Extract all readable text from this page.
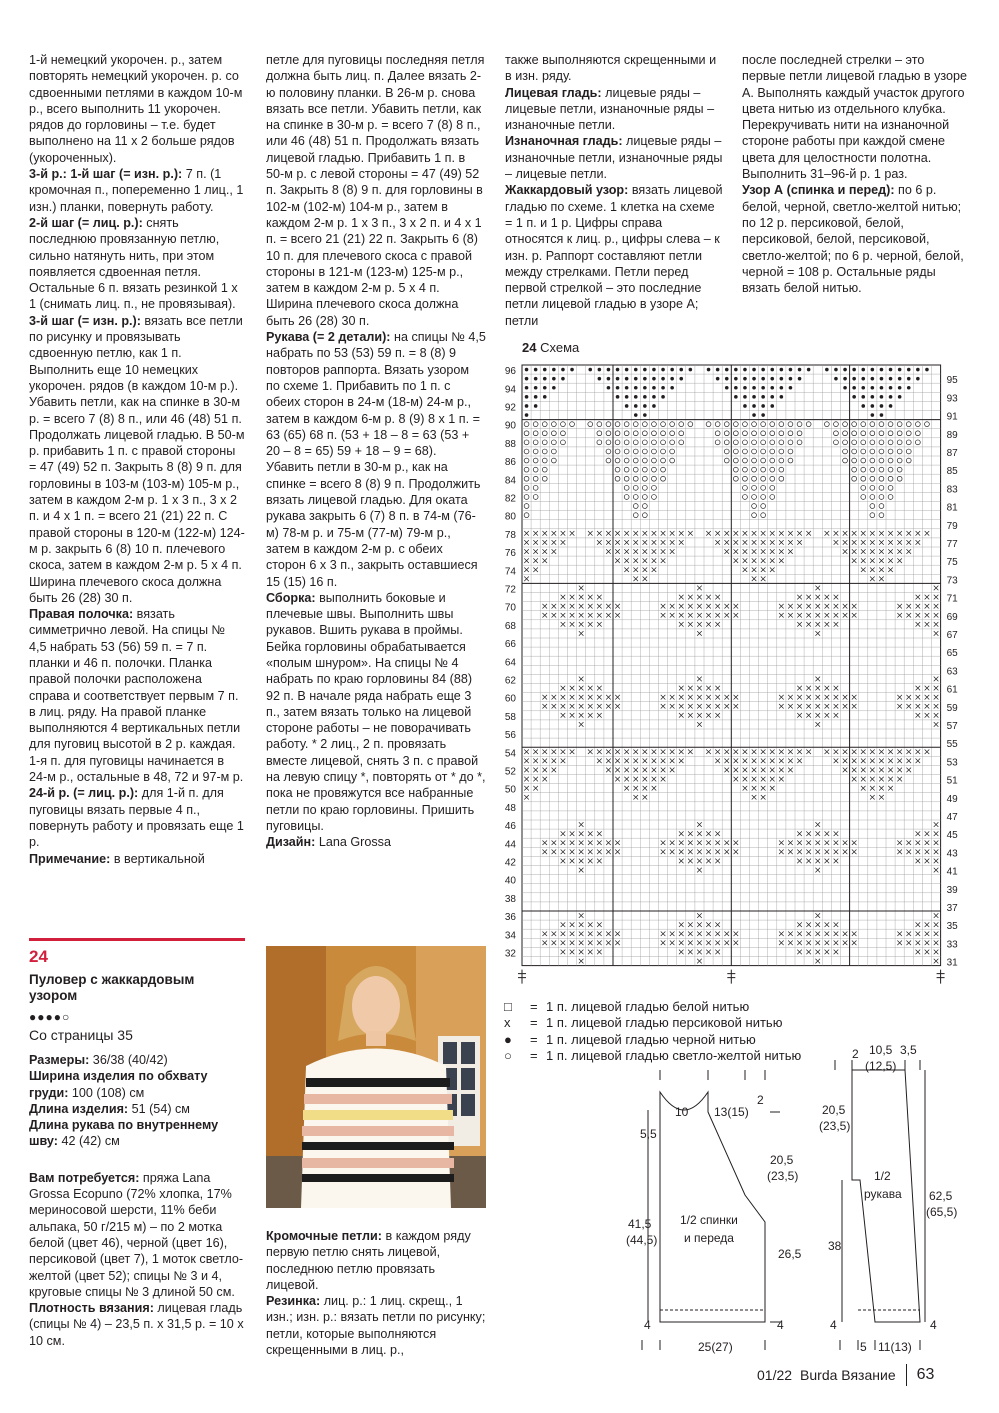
1-й немецкий укорочен. р., затем повторять немецкий укорочен. р. со сдвоенными петлями в каждом 10-м р., всего выполнить 11 укорочен. рядов до горловины – т.е. будет выполнено на 11 х 2 больше рядов (укороченных).

3-й р.: 1-й шаг (= изн. р.): 7 п. (1 кромочная п., попеременно 1 лиц., 1 изн.) планки, повернуть работу.

2-й шаг (= лиц. р.): снять последнюю провязанную петлю, сильно натянуть нить, при этом появляется сдвоенная петля. Остальные 6 п. вязать резинкой 1 х 1 (снимать лиц. п., не провязывая).

3-й шаг (= изн. р.): вязать все петли по рисунку и провязывать сдвоенную петлю, как 1 п. Выполнить еще 10 немецких укорочен. рядов (в каждом 10-м р.). Убавить петли, как на спинке в 30-м р. = всего 7 (8) 8 п., или 46 (48) 51 п.

Продолжать лицевой гладью. В 50-м р. прибавить 1 п. с правой стороны = 47 (49) 52 п. Закрыть 8 (8) 9 п. для горловины в 103-м (103-м) 105-м р., затем в каждом 2-м р. 1 х 3 п., 3 х 2 п. и 4 х 1 п. = всего 21 (21) 22 п. С правой стороны в 120-м (122-м) 124-м р. закрыть 6 (8) 10 п. плечевого скоса, затем в каждом 2-м р. 5 х 4 п. Ширина плечевого скоса должна быть 26 (28) 30 п.

Правая полочка: вязать симметричнo левой. На спицы № 4,5 набрать 53 (56) 59 п. = 7 п. планки и 46 п. полочки. Планка правой полочки расположена справа и соответствует первым 7 п. в лиц. ряду. На правой планке выполняются 4 вертикальных петли для пуговиц высотой в 2 р. каждая. 1-я п. для пуговицы начинается в 24-м р., остальные в 48, 72 и 97-м р.

24-й р. (= лиц. р.): для 1-й п. для пуговицы вязать первые 4 п., повернуть работу и провязать еще 1 р.

Примечание: в вертикальной

петле для пуговицы последняя петля должна быть лиц. п. Далее вязать 2-ю половину планки. В 26-м р. снова вязать все петли. Убавить петли, как на спинке в 30-м р. = всего 7 (8) 8 п., или 46 (48) 51 п. Продолжать вязать лицевой гладью. Прибавить 1 п. в 50-м р. с левой стороны = 47 (49) 52 п. Закрыть 8 (8) 9 п. для горловины в 102-м (102-м) 104-м р., затем в каждом 2-м р. 1 х 3 п., 3 х 2 п. и 4 х 1 п. = всего 21 (21) 22 п. Закрыть 6 (8) 10 п. для плечевого скоса с правой стороны в 121-м (123-м) 125-м р., затем в каждом 2-м р. 5 х 4 п. Ширина плечевого скоса должна быть 26 (28) 30 п.

Рукава (= 2 детали): на спицы № 4,5 набрать по 53 (53) 59 п. = 8 (8) 9 повторов раппорта. Вязать узором по схеме 1. Прибавить по 1 п. с обеих сторон в 24-м (18-м) 24-м р., затем в каждом 6-м р. 8 (9) 8 х 1 п. = 63 (65) 68 п. (53 + 18 – 8 = 63 (53 + 20 – 8 = 65) 59 + 18 – 9 = 68). Убавить петли в 30-м р., как на спинке = всего 8 (8) 9 п. Продолжить вязать лицевой гладью. Для оката рукава закрыть 6 (7) 8 п. в 74-м (76-м) 78-м р. и 75-м (77-м) 79-м р., затем в каждом 2-м р. с обеих сторон 6 х 3 п., закрыть оставшиеся 15 (15) 16 п.

Сборка: выполнить боковые и плечевые швы. Выполнить швы рукавов. Вшить рукава в проймы. Бейка горловины обрабатывается «полым шнуром». На спицы № 4 набрать по краю горловины 84 (88) 92 п. В начале ряда набрать еще 3 п., затем вязать только на лицевой стороне работы – не поворачивать работу. * 2 лиц., 2 п. провязать вместе лицевой, снять 3 п. с правой на левую спицу *, повторять от * до *, пока не провяжутся все набранные петли по краю горловины. Пришить пуговицы.

Дизайн: Lana Grossa

также выполняются скрещенными и в изн. ряду.

Лицевая гладь: лицевые ряды – лицевые петли, изнаночные ряды – изнаночные петли.

Изнаночная гладь: лицевые ряды – изнаночные петли, изнаночные ряды – лицевые петли.

Жаккардовый узор: вязать лицевой гладью по схеме. 1 клетка на схеме = 1 п. и 1 р. Цифры справа относятся к лиц. р., цифры слева – к изн. р. Раппорт составляют петли между стрелками. Петли перед первой стрелкой – это последние петли лицевой гладью в узоре А; петли

после последней стрелки – это первые петли лицевой гладью в узоре А. Выполнять каждый участок другого цвета нитью из отдельного клубка. Перекручивать нити на изнаночной стороне работы при каждой смене цвета для целостности полотна. Выполнить 31–96-й р. 1 раз.

Узор А (спинка и перед): по 6 р. белой, черной, светло-желтой нитью; по 12 р. персиковой, белой, персиковой, белой, персиковой, светло-желтой; по 6 р. черной, белой, черной = 108 р. Остальные ряды вязать белой нитью.

24
Пуловер с жаккардовым узором
●●●●○
Со страницы 35

Размеры: 36/38 (40/42)

Ширина изделия по обхвату груди: 100 (108) см

Длина изделия: 51 (54) см

Длина рукава по внутреннему шву: 42 (42) см

Вам потребуется: пряжа Lana Grossa Ecopuno (72% хлопка, 17% мериносовой шерсти, 11% беби альпака, 50 г/215 м) – по 2 мотка белой (цвет 46), черной (цвет 16), персиковой (цвет 7), 1 моток светло-желтой (цвет 52); спицы № 3 и 4, круговые спицы № 3 длиной 50 см.

Плотность вязания: лицевая гладь (спицы № 4) – 23,5 п. х 31,5 р. = 10 х 10 см.

Кромочные петли: в каждом ряду первую петлю снять лицевой, последнюю петлю провязать лицевой.

Резинка: лиц. р.: 1 лиц. скрещ., 1 изн.; изн. р.: вязать петли по рисунку; петли, которые выполняются скрещенными в лиц. р.,

24 Схема
96
94
92
90
88
86
84
82
80
78
76
74
72
70
68
66
64
62
60
58
56
54
52
50
48
46
44
42
40
38
36
34
32
95
93
91
89
87
85
83
81
79
77
75
73
71
69
67
65
63
61
59
57
55
53
51
49
47
45
43
41
39
37
35
33
31
□	= 1 п. лицевой гладью белой нитью
x	= 1 п. лицевой гладью персиковой нитью
●	= 1 п. лицевой гладью черной нитью
○	= 1 п. лицевой гладью светло-желтой нитью
10 13(15)
2
5,5
20,5
(23,5)
41,5
(44,5)
1/2 спинки
и переда
26,5
4	4
25(27)
2 10,5 3,5
(12,5)
20,5
(23,5)
1/2
рукава 62,5
(65,5)
38
4
5 11(13)
4
01/22 Burda Вязание 63
